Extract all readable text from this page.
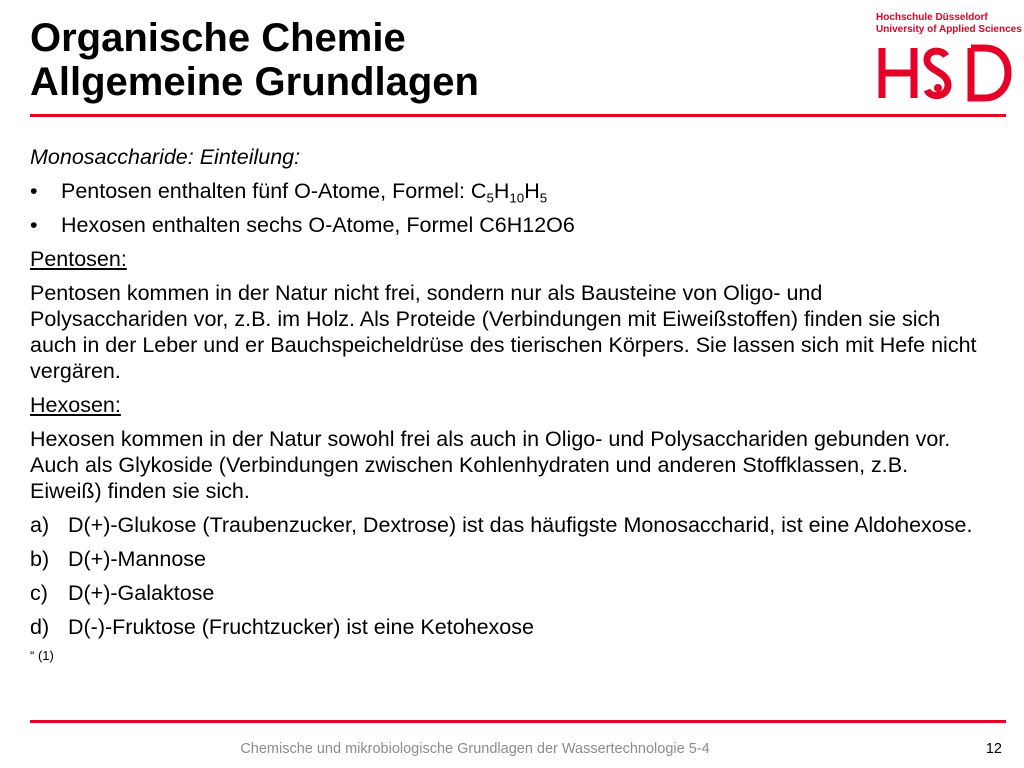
Organische Chemie
Allgemeine Grundlagen
Hochschule Düsseldorf
University of Applied Sciences

Monosaccharide: Einteilung:

•	Pentosen enthalten fünf O-Atome, Formel: $C_5H_{10}H_5$
•	Hexosen enthalten sechs O-Atome, Formel C6H12O6

Pentosen:

Pentosen kommen in der Natur nicht frei, sondern nur als Bausteine von Oligo- und Polysacchariden vor, z.B. im Holz. Als Proteide (Verbindungen mit Eiweißstoffen) finden sie sich auch in der Leber und er Bauchspeicheldrüse des tierischen Körpers. Sie lassen sich mit Hefe nicht vergären.

Hexosen:

Hexosen kommen in der Natur sowohl frei als auch in Oligo- und Polysacchariden gebunden vor. Auch als Glykoside (Verbindungen zwischen Kohlenhydraten und anderen Stoffklassen, z.B. Eiweiß) finden sie sich.

a) D(+)-Glukose (Traubenzucker, Dextrose) ist das häufigste Monosaccharid, ist eine Aldohexose.
b) D(+)-Mannose
c) D(+)-Galaktose
d) D(-)-Fruktose (Fruchtzucker) ist eine Ketohexose

“ (1)

Chemische und mikrobiologische Grundlagen der Wassertechnologie 5-4	12
